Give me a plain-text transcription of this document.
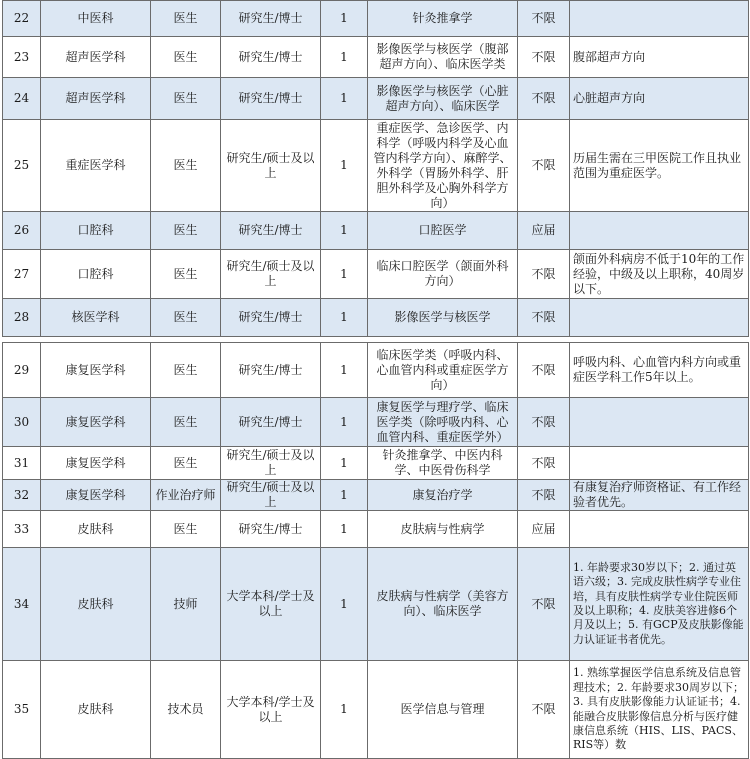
22	中医科	医生	研究生/博士	1	针灸推拿学	不限	
23	超声医学科	医生	研究生/博士	1	影像医学与核医学（腹部超声方向）、临床医学类	不限	腹部超声方向
24	超声医学科	医生	研究生/博士	1	影像医学与核医学（心脏超声方向）、临床医学	不限	心脏超声方向
25	重症医学科	医生	研究生/硕士及以上	1	重症医学、急诊医学、内科学（呼吸内科学及心血管内科学方向）、麻醉学、外科学（胃肠外科学、肝胆外科学及心胸外科学方向）	不限	历届生需在三甲医院工作且执业范围为重症医学。
26	口腔科	医生	研究生/博士	1	口腔医学	应届	
27	口腔科	医生	研究生/硕士及以上	1	临床口腔医学（颌面外科方向）	不限	颌面外科病房不低于10年的工作经验，中级及以上职称，40周岁以下。
28	核医学科	医生	研究生/博士	1	影像医学与核医学	不限	
29	康复医学科	医生	研究生/博士	1	临床医学类（呼吸内科、心血管内科或重症医学方向）	不限	呼吸内科、心血管内科方向或重症医学科工作5年以上。
30	康复医学科	医生	研究生/博士	1	康复医学与理疗学、临床医学类（除呼吸内科、心血管内科、重症医学外）	不限	
31	康复医学科	医生	研究生/硕士及以上	1	针灸推拿学、中医内科学、中医骨伤科学	不限	
32	康复医学科	作业治疗师	研究生/硕士及以上	1	康复治疗学	不限	有康复治疗师资格证、有工作经验者优先。
33	皮肤科	医生	研究生/博士	1	皮肤病与性病学	应届	
34	皮肤科	技师	大学本科/学士及以上	1	皮肤病与性病学（美容方向）、临床医学	不限	1. 年龄要求30岁以下；2. 通过英语六级；3. 完成皮肤性病学专业住培，具有皮肤性病学专业住院医师及以上职称；4. 皮肤美容进修6个月及以上；5. 有GCP及皮肤影像能力认证证书者优先。
35	皮肤科	技术员	大学本科/学士及以上	1	医学信息与管理	不限	1. 熟练掌握医学信息系统及信息管理技术；2. 年龄要求30周岁以下；3. 具有皮肤影像能力认证证书；4. 能融合皮肤影像信息分析与医疗健康信息系统（HIS、LIS、PACS、RIS等）数
